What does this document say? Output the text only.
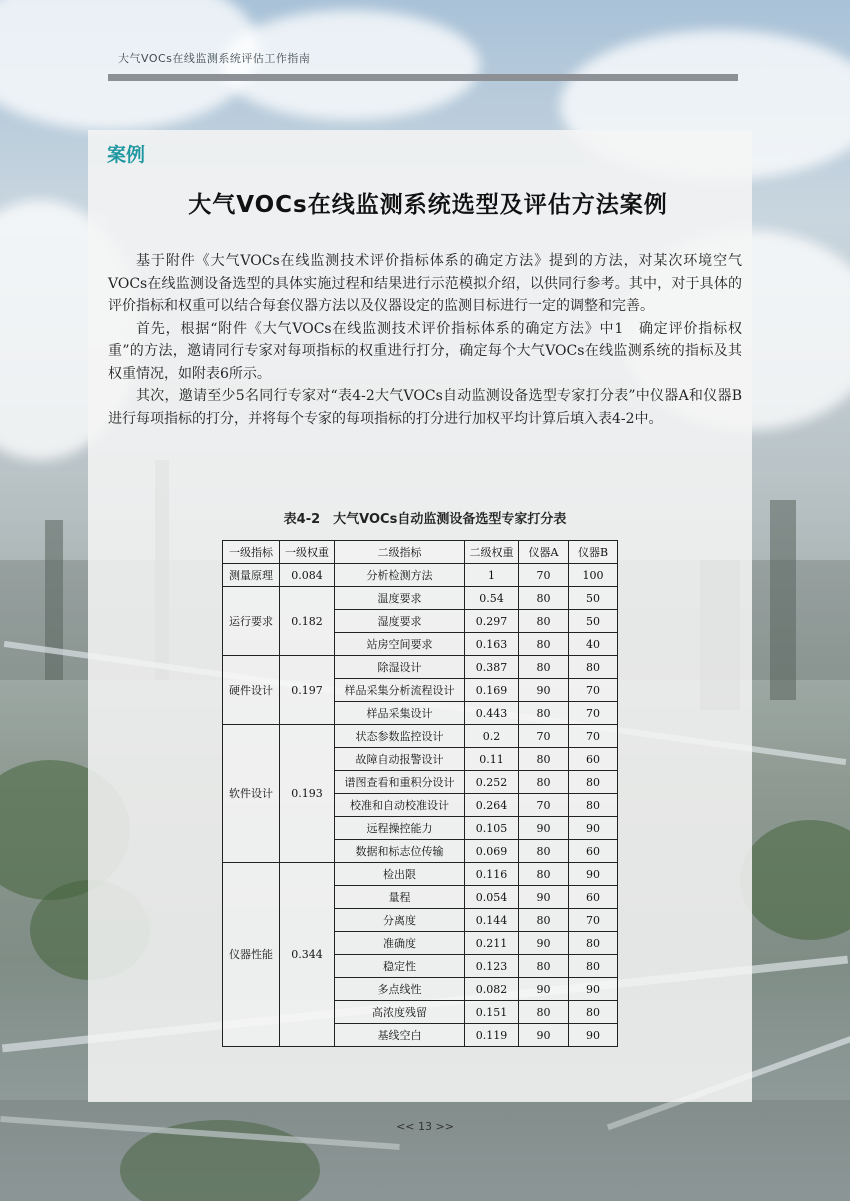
大气VOCs在线监测系统评估工作指南
案例
大气VOCs在线监测系统选型及评估方法案例

基于附件《大气VOCs在线监测技术评价指标体系的确定方法》提到的方法，对某次环境空气VOCs在线监测设备选型的具体实施过程和结果进行示范模拟介绍，以供同行参考。其中，对于具体的评价指标和权重可以结合每套仪器方法以及仪器设定的监测目标进行一定的调整和完善。

首先，根据“附件《大气VOCs在线监测技术评价指标体系的确定方法》中1　确定评价指标权重”的方法，邀请同行专家对每项指标的权重进行打分，确定每个大气VOCs在线监测系统的指标及其权重情况，如附表6所示。

其次，邀请至少5名同行专家对“表4-2大气VOCs自动监测设备选型专家打分表”中仪器A和仪器B进行每项指标的打分，并将每个专家的每项指标的打分进行加权平均计算后填入表4-2中。

表4-2　大气VOCs自动监测设备选型专家打分表
一级指标	一级权重	二级指标	二级权重	仪器A	仪器B
测量原理	0.084	分析检测方法	1	70	100
运行要求	0.182	温度要求	0.54	80	50
		湿度要求	0.297	80	50
		站房空间要求	0.163	80	40
硬件设计	0.197	除湿设计	0.387	80	80
		样品采集分析流程设计	0.169	90	70
		样品采集设计	0.443	80	70
软件设计	0.193	状态参数监控设计	0.2	70	70
		故障自动报警设计	0.11	80	60
		谱图查看和重积分设计	0.252	80	80
		校准和自动校准设计	0.264	70	80
		远程操控能力	0.105	90	90
		数据和标志位传输	0.069	80	60
仪器性能	0.344	检出限	0.116	80	90
		量程	0.054	90	60
		分离度	0.144	80	70
		准确度	0.211	90	80
		稳定性	0.123	80	80
		多点线性	0.082	90	90
		高浓度残留	0.151	80	80
		基线空白	0.119	90	90
<< 13 >>
